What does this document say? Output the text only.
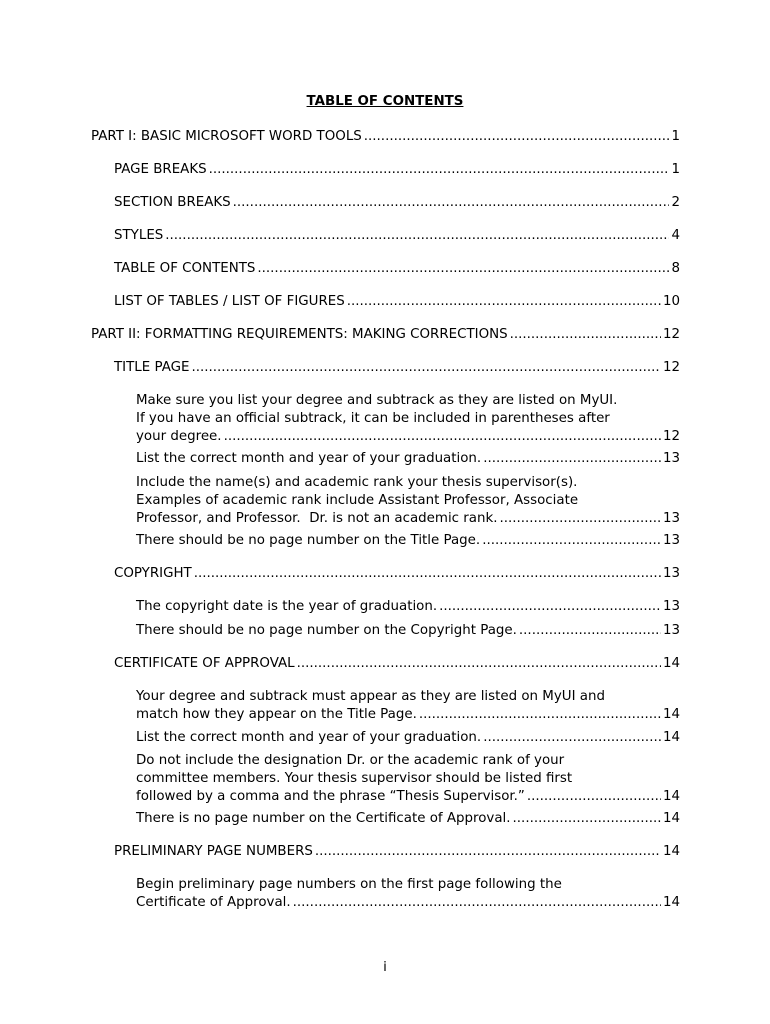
TABLE OF CONTENTS
PART I: BASIC MICROSOFT WORD TOOLS .....	1
PAGE BREAKS .....	1
SECTION BREAKS .....	2
STYLES .....	4
TABLE OF CONTENTS .....	8
LIST OF TABLES / LIST OF FIGURES .....	10
PART II: FORMATTING REQUIREMENTS: MAKING CORRECTIONS .....	12
TITLE PAGE .....	12
Make sure you list your degree and subtrack as they are listed on MyUI.
If you have an official subtrack, it can be included in parentheses after
your degree. .....	12
List the correct month and year of your graduation. .....	13
Include the name(s) and academic rank your thesis supervisor(s).
Examples of academic rank include Assistant Professor, Associate
Professor, and Professor.  Dr. is not an academic rank. .....	13
There should be no page number on the Title Page. .....	13
COPYRIGHT .....	13
The copyright date is the year of graduation. .....	13
There should be no page number on the Copyright Page. .....	13
CERTIFICATE OF APPROVAL .....	14
Your degree and subtrack must appear as they are listed on MyUI and
match how they appear on the Title Page. .....	14
List the correct month and year of your graduation. .....	14
Do not include the designation Dr. or the academic rank of your
committee members. Your thesis supervisor should be listed first
followed by a comma and the phrase “Thesis Supervisor.” .....	14
There is no page number on the Certificate of Approval. .....	14
PRELIMINARY PAGE NUMBERS .....	14
Begin preliminary page numbers on the first page following the
Certificate of Approval. .....	14
i
